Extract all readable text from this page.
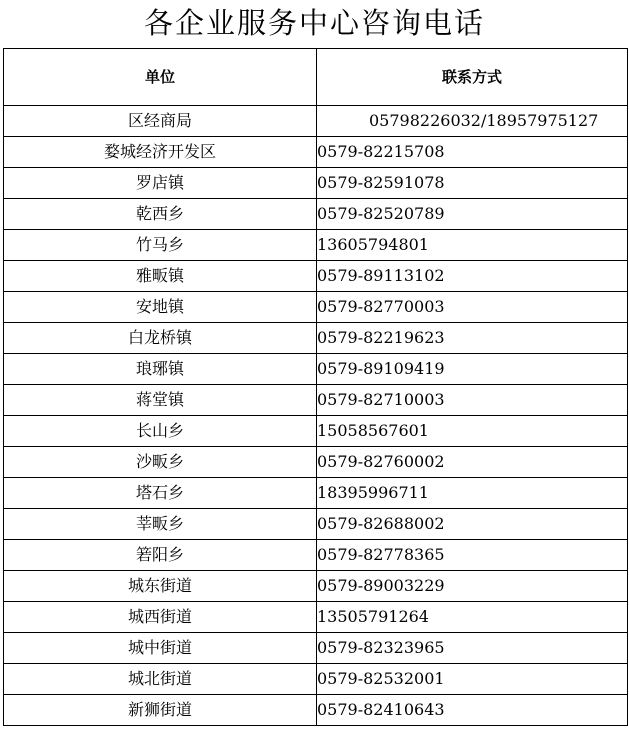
各企业服务中心咨询电话
单位	联系方式
区经商局	05798226032/18957975127
婺城经济开发区	0579-82215708
罗店镇	0579-82591078
乾西乡	0579-82520789
竹马乡	13605794801
雅畈镇	0579-89113102
安地镇	0579-82770003
白龙桥镇	0579-82219623
琅琊镇	0579-89109419
蒋堂镇	0579-82710003
长山乡	15058567601
沙畈乡	0579-82760002
塔石乡	18395996711
莘畈乡	0579-82688002
箬阳乡	0579-82778365
城东街道	0579-89003229
城西街道	13505791264
城中街道	0579-82323965
城北街道	0579-82532001
新狮街道	0579-82410643
